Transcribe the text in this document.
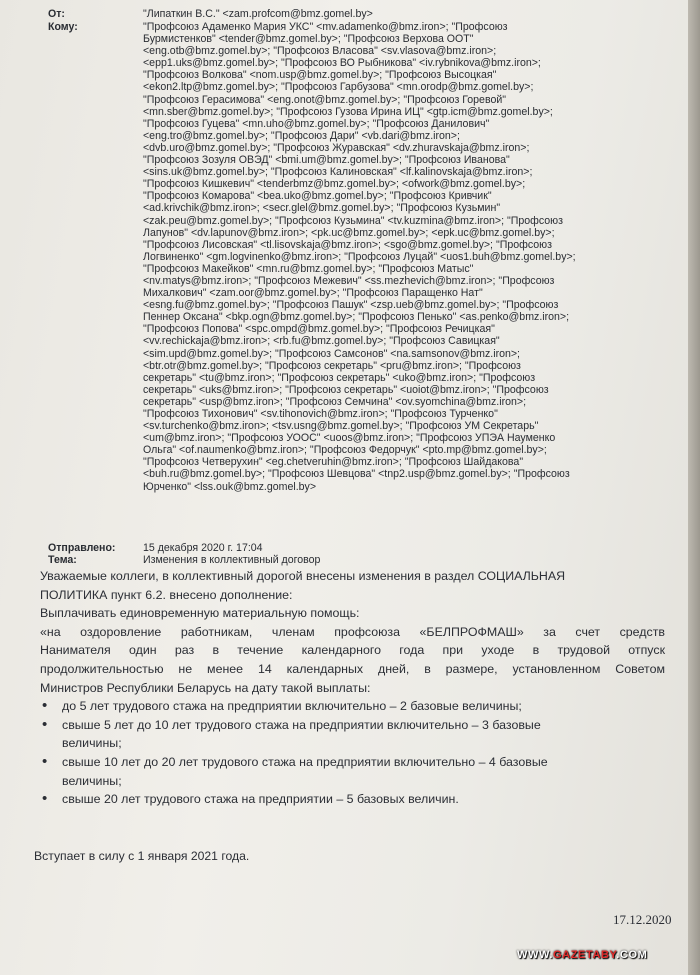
От:	"Липаткин В.С." <zam.profcom@bmz.gomel.by>
Кому:	"Профсоюз Адаменко Мария УКС" <mv.adamenko@bmz.iron>; "Профсоюз
Бурмистенков" <tender@bmz.gomel.by>; "Профсоюз Верхова ООТ"
<eng.otb@bmz.gomel.by>; "Профсоюз Власова" <sv.vlasova@bmz.iron>;
<epp1.uks@bmz.gomel.by>; "Профсоюз ВО Рыбникова" <iv.rybnikova@bmz.iron>;
"Профсоюз Волкова" <nom.usp@bmz.gomel.by>; "Профсоюз Высоцкая"
<ekon2.ltp@bmz.gomel.by>; "Профсоюз Гарбузова" <mn.orodp@bmz.gomel.by>;
"Профсоюз Герасимова" <eng.onot@bmz.gomel.by>; "Профсоюз Горевой"
<mn.sber@bmz.gomel.by>; "Профсоюз Гузова Ирина ИЦ" <gtp.icm@bmz.gomel.by>;
"Профсоюз Гуцева" <mn.uho@bmz.gomel.by>; "Профсоюз Данилович"
<eng.tro@bmz.gomel.by>; "Профсоюз Дари" <vb.dari@bmz.iron>;
<dvb.uro@bmz.gomel.by>; "Профсоюз Журавская" <dv.zhuravskaja@bmz.iron>;
"Профсоюз Зозуля ОВЭД" <bmi.um@bmz.gomel.by>; "Профсоюз Иванова"
<sins.uk@bmz.gomel.by>; "Профсоюз Калиновская" <lf.kalinovskaja@bmz.iron>;
"Профсоюз Кишкевич" <tenderbmz@bmz.gomel.by>; <ofwork@bmz.gomel.by>;
"Профсоюз Комарова" <bea.uko@bmz.gomel.by>; "Профсоюз Кривчик"
<ad.krivchik@bmz.iron>; <secr.glel@bmz.gomel.by>; "Профсоюз Кузьмин"
<zak.peu@bmz.gomel.by>; "Профсоюз Кузьмина" <tv.kuzmina@bmz.iron>; "Профсоюз
Лапунов" <dv.lapunov@bmz.iron>; <pk.uc@bmz.gomel.by>; <epk.uc@bmz.gomel.by>;
"Профсоюз Лисовская" <tl.lisovskaja@bmz.iron>; <sgo@bmz.gomel.by>; "Профсоюз
Логвиненко" <gm.logvinenko@bmz.iron>; "Профсоюз Луцай" <uos1.buh@bmz.gomel.by>;
"Профсоюз Макейков" <mn.ru@bmz.gomel.by>; "Профсоюз Матыс"
<nv.matys@bmz.iron>; "Профсоюз Межевич" <ss.mezhevich@bmz.iron>; "Профсоюз
Михалкович" <zam.oor@bmz.gomel.by>; "Профсоюз Паращенко Нат"
<esng.fu@bmz.gomel.by>; "Профсоюз Пашук" <zsp.ueb@bmz.gomel.by>; "Профсоюз
Пеннер Оксана" <bkp.ogn@bmz.gomel.by>; "Профсоюз Пенько" <as.penko@bmz.iron>;
"Профсоюз Попова" <spc.ompd@bmz.gomel.by>; "Профсоюз Речицкая"
<vv.rechickaja@bmz.iron>; <rb.fu@bmz.gomel.by>; "Профсоюз Савицкая"
<sim.upd@bmz.gomel.by>; "Профсоюз Самсонов" <na.samsonov@bmz.iron>;
<btr.otr@bmz.gomel.by>; "Профсоюз секретарь" <pru@bmz.iron>; "Профсоюз
секретарь" <tu@bmz.iron>; "Профсоюз секретарь" <uko@bmz.iron>; "Профсоюз
секретарь" <uks@bmz.iron>; "Профсоюз секретарь" <uoiot@bmz.iron>; "Профсоюз
секретарь" <usp@bmz.iron>; "Профсоюз Семчина" <ov.syomchina@bmz.iron>;
"Профсоюз Тихонович" <sv.tihonovich@bmz.iron>; "Профсоюз Турченко"
<sv.turchenko@bmz.iron>; <tsv.usng@bmz.gomel.by>; "Профсоюз УМ Секретарь"
<um@bmz.iron>; "Профсоюз УООС" <uoos@bmz.iron>; "Профсоюз УПЭА Науменко
Ольга" <of.naumenko@bmz.iron>; "Профсоюз Федорчук" <pto.mp@bmz.gomel.by>;
"Профсоюз Четверухин" <eg.chetveruhin@bmz.iron>; "Профсоюз Шайдакова"
<buh.ru@bmz.gomel.by>; "Профсоюз Шевцова" <tnp2.usp@bmz.gomel.by>; "Профсоюз
Юрченко" <lss.ouk@bmz.gomel.by>
Отправлено:	15 декабря 2020 г. 17:04
Тема:	Изменения в коллективный договор
Уважаемые коллеги, в коллективный дорогой внесены изменения в раздел СОЦИАЛЬНАЯ
ПОЛИТИКА пункт 6.2. внесено дополнение:
Выплачивать единовременную материальную помощь:
«на оздоровление работникам, членам профсоюза «БЕЛПРОФМАШ» за счет средств
Нанимателя один раз в течение календарного года при уходе в трудовой отпуск
продолжительностью не менее 14 календарных дней, в размере, установленном Советом
Министров Республики Беларусь на дату такой выплаты:
• до 5 лет трудового стажа на предприятии включительно – 2 базовые величины;
• свыше 5 лет до 10 лет трудового стажа на предприятии включительно – 3 базовые
величины;
• свыше 10 лет до 20 лет трудового стажа на предприятии включительно – 4 базовые
величины;
• свыше 20 лет трудового стажа на предприятии – 5 базовых величин.
Вступает в силу с 1 января 2021 года.
17.12.2020
WWW.GAZETABY.COM
